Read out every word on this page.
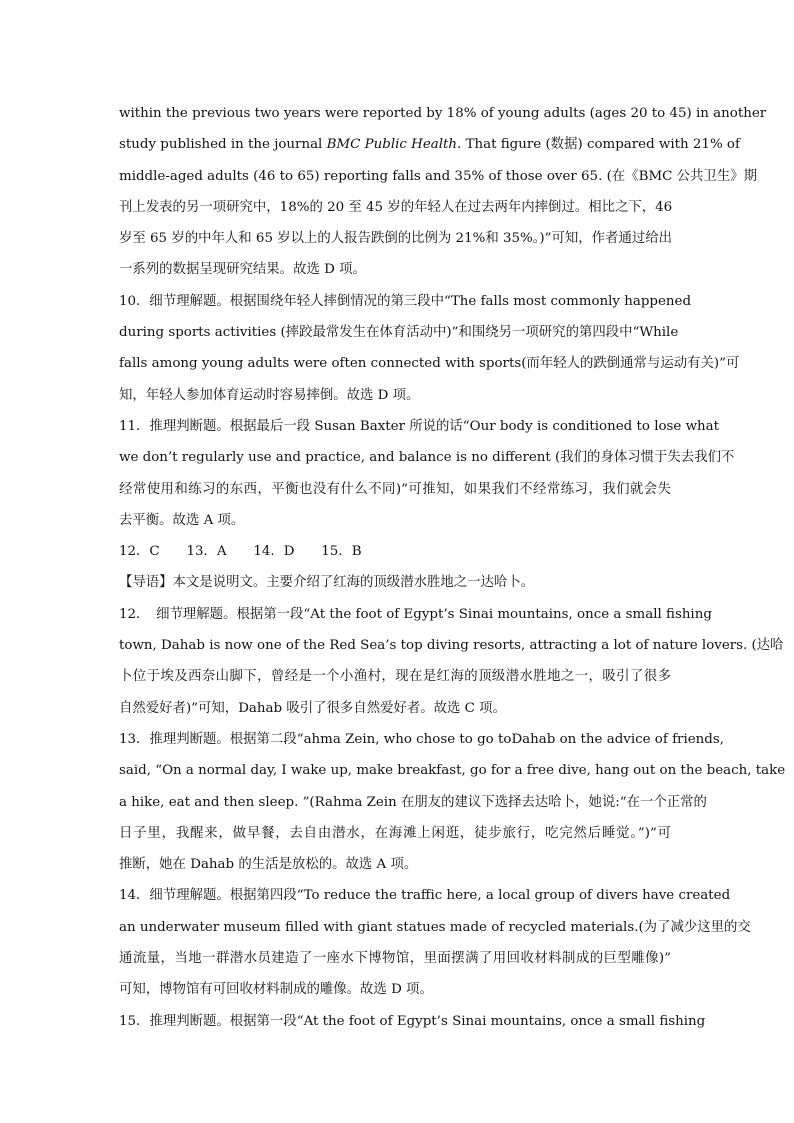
within the previous two years were reported by 18% of young adults (ages 20 to 45) in another
study published in the journal BMC Public Health. That figure (数据) compared with 21% of
middle-aged adults (46 to 65) reporting falls and 35% of those over 65. (在《BMC 公共卫生》期
刊上发表的另一项研究中，18%的 20 至 45 岁的年轻人在过去两年内摔倒过。相比之下，46
岁至 65 岁的中年人和 65 岁以上的人报告跌倒的比例为 21%和 35%。)”可知，作者通过给出
一系列的数据呈现研究结果。故选 D 项。
10．细节理解题。根据围绕年轻人摔倒情况的第三段中“The falls most commonly happened
during sports activities (摔跤最常发生在体育活动中)”和围绕另一项研究的第四段中“While
falls among young adults were often connected with sports(而年轻人的跌倒通常与运动有关)”可
知，年轻人参加体育运动时容易摔倒。故选 D 项。
11．推理判断题。根据最后一段 Susan Baxter 所说的话“Our body is conditioned to lose what
we don’t regularly use and practice, and balance is no different (我们的身体习惯于失去我们不
经常使用和练习的东西，平衡也没有什么不同)”可推知，如果我们不经常练习，我们就会失
去平衡。故选 A 项。
12．C　　13．A　　14．D　　15．B
【导语】本文是说明文。主要介绍了红海的顶级潜水胜地之一达哈卜。
12．　细节理解题。根据第一段“At the foot of Egypt’s Sinai mountains, once a small fishing
town, Dahab is now one of the Red Sea’s top diving resorts, attracting a lot of nature lovers. (达哈
卜位于埃及西奈山脚下，曾经是一个小渔村，现在是红海的顶级潜水胜地之一，吸引了很多
自然爱好者)”可知，Dahab 吸引了很多自然爱好者。故选 C 项。
13．推理判断题。根据第二段“ahma Zein, who chose to go toDahab on the advice of friends,
said, “On a normal day, I wake up, make breakfast, go for a free dive, hang out on the beach, take
a hike, eat and then sleep. ”(Rahma Zein 在朋友的建议下选择去达哈卜，她说:“在一个正常的
日子里，我醒来，做早餐，去自由潜水，在海滩上闲逛，徒步旅行，吃完然后睡觉。”)”可
推断，她在 Dahab 的生活是放松的。故选 A 项。
14．细节理解题。根据第四段“To reduce the traffic here, a local group of divers have created
an underwater museum filled with giant statues made of recycled materials.(为了减少这里的交
通流量，当地一群潜水员建造了一座水下博物馆，里面摆满了用回收材料制成的巨型雕像)”
可知，博物馆有可回收材料制成的雕像。故选 D 项。
15．推理判断题。根据第一段“At the foot of Egypt’s Sinai mountains, once a small fishing
